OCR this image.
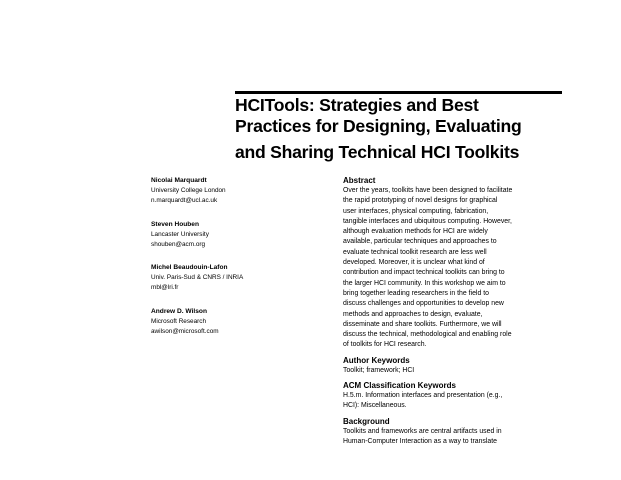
HCITools: Strategies and Best
Practices for Designing, Evaluating
and Sharing Technical HCI Toolkits
Nicolai Marquardt
University College London
n.marquardt@ucl.ac.uk
Steven Houben
Lancaster University
shouben@acm.org
Michel Beaudouin-Lafon
Univ. Paris-Sud & CNRS / INRIA
mbl@lri.fr
Andrew D. Wilson
Microsoft Research
awilson@microsoft.com
Abstract
Over the years, toolkits have been designed to facilitate
the rapid prototyping of novel designs for graphical
user interfaces, physical computing, fabrication,
tangible interfaces and ubiquitous computing. However,
although evaluation methods for HCI are widely
available, particular techniques and approaches to
evaluate technical toolkit research are less well
developed. Moreover, it is unclear what kind of
contribution and impact technical toolkits can bring to
the larger HCI community. In this workshop we aim to
bring together leading researchers in the field to
discuss challenges and opportunities to develop new
methods and approaches to design, evaluate,
disseminate and share toolkits. Furthermore, we will
discuss the technical, methodological and enabling role
of toolkits for HCI research.
Author Keywords
Toolkit; framework; HCI
ACM Classification Keywords
H.5.m. Information interfaces and presentation (e.g.,
HCI): Miscellaneous.
Background
Toolkits and frameworks are central artifacts used in
Human-Computer Interaction as a way to translate
